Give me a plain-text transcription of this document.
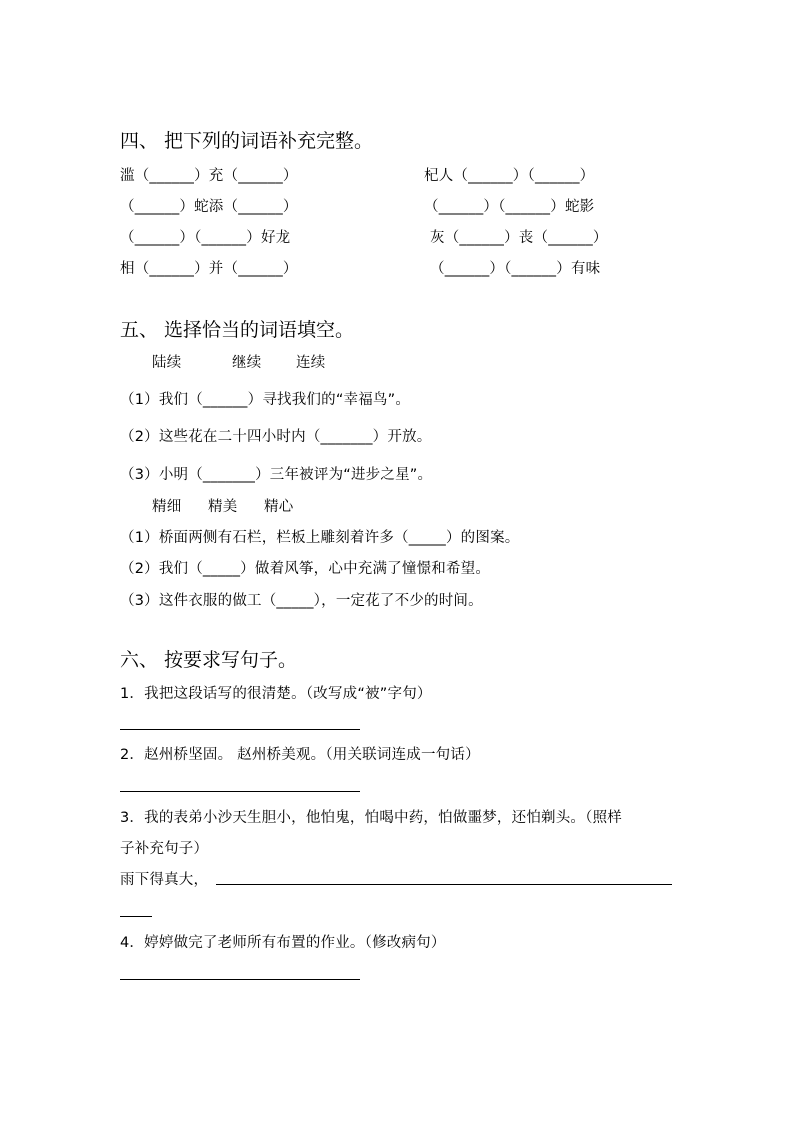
四、 把下列的词语补充完整。
滥（______）充（______）
（______）蛇添（______）
（______）（______）好龙
相（______）并（______）
杞人（______）（______）
（______）（______）蛇影
灰（______）丧（______）
（______）（______）有味
五、 选择恰当的词语填空。
陆续	继续 连续
（1）我们（______）寻找我们的“幸福鸟”。
（2）这些花在二十四小时内（_______）开放。
（3）小明（_______）三年被评为“进步之星”。
精细 精美 精心
（1）桥面两侧有石栏，栏板上雕刻着许多（_____）的图案。
（2）我们（_____）做着风筝，心中充满了憧憬和希望。
（3）这件衣服的做工（_____），一定花了不少的时间。
六、 按要求写句子。
1．我把这段话写的很清楚。（改写成“被”字句）
2．赵州桥坚固。 赵州桥美观。（用关联词连成一句话）
3．我的表弟小沙天生胆小，他怕鬼，怕喝中药，怕做噩梦，还怕剃头。（照样
子补充句子）
雨下得真大，
4．婷婷做完了老师所有布置的作业。（修改病句）
